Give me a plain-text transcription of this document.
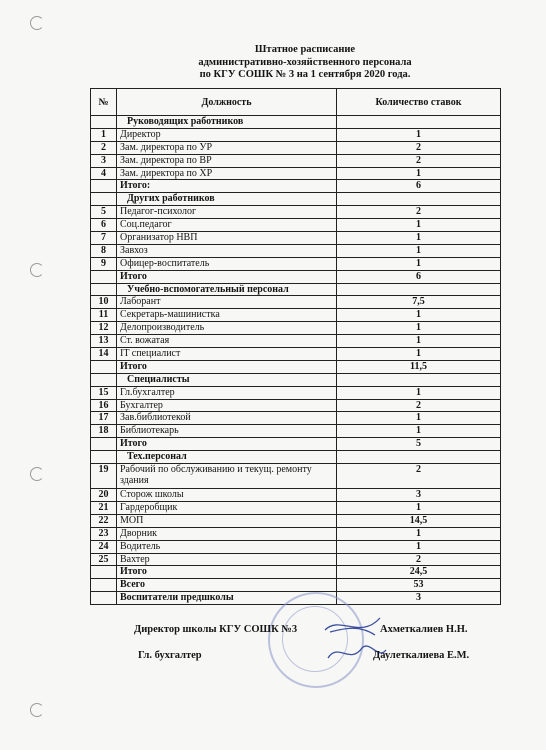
Штатное расписание
административно-хозяйственного персонала
по КГУ СОШК № 3 на 1 сентября 2020 года.
№	Должность	Количество ставок
	Руководящих работников	
1	Директор	1
2	Зам. директора по УР	2
3	Зам. директора по ВР	2
4	Зам. директора по ХР	1
	Итого:	6
	Других работников	
5	Педагог-психолог	2
6	Соц.педагог	1
7	Организатор НВП	1
8	Завхоз	1
9	Офицер-воспитатель	1
	Итого	6
	Учебно-вспомогательный персонал	
10	Лаборант	7,5
11	Секретарь-машинистка	1
12	Делопроизводитель	1
13	Ст. вожатая	1
14	IT специалист	1
	Итого	11,5
	Специалисты	
15	Гл.бухгалтер	1
16	Бухгалтер	2
17	Зав.библиотекой	1
18	Библиотекарь	1
	Итого	5
	Тех.персонал	
19	Рабочий по обслуживанию и текущ. ремонту здания	2
20	Сторож школы	3
21	Гардеробщик	1
22	МОП	14,5
23	Дворник	1
24	Водитель	1
25	Вахтер	2
	Итого	24,5
	Всего	53
	Воспитатели предшколы	3
Директор школы КГУ СОШК №3	Ахметкалиев Н.Н.
Гл. бухгалтер	Даулеткалиева Е.М.
